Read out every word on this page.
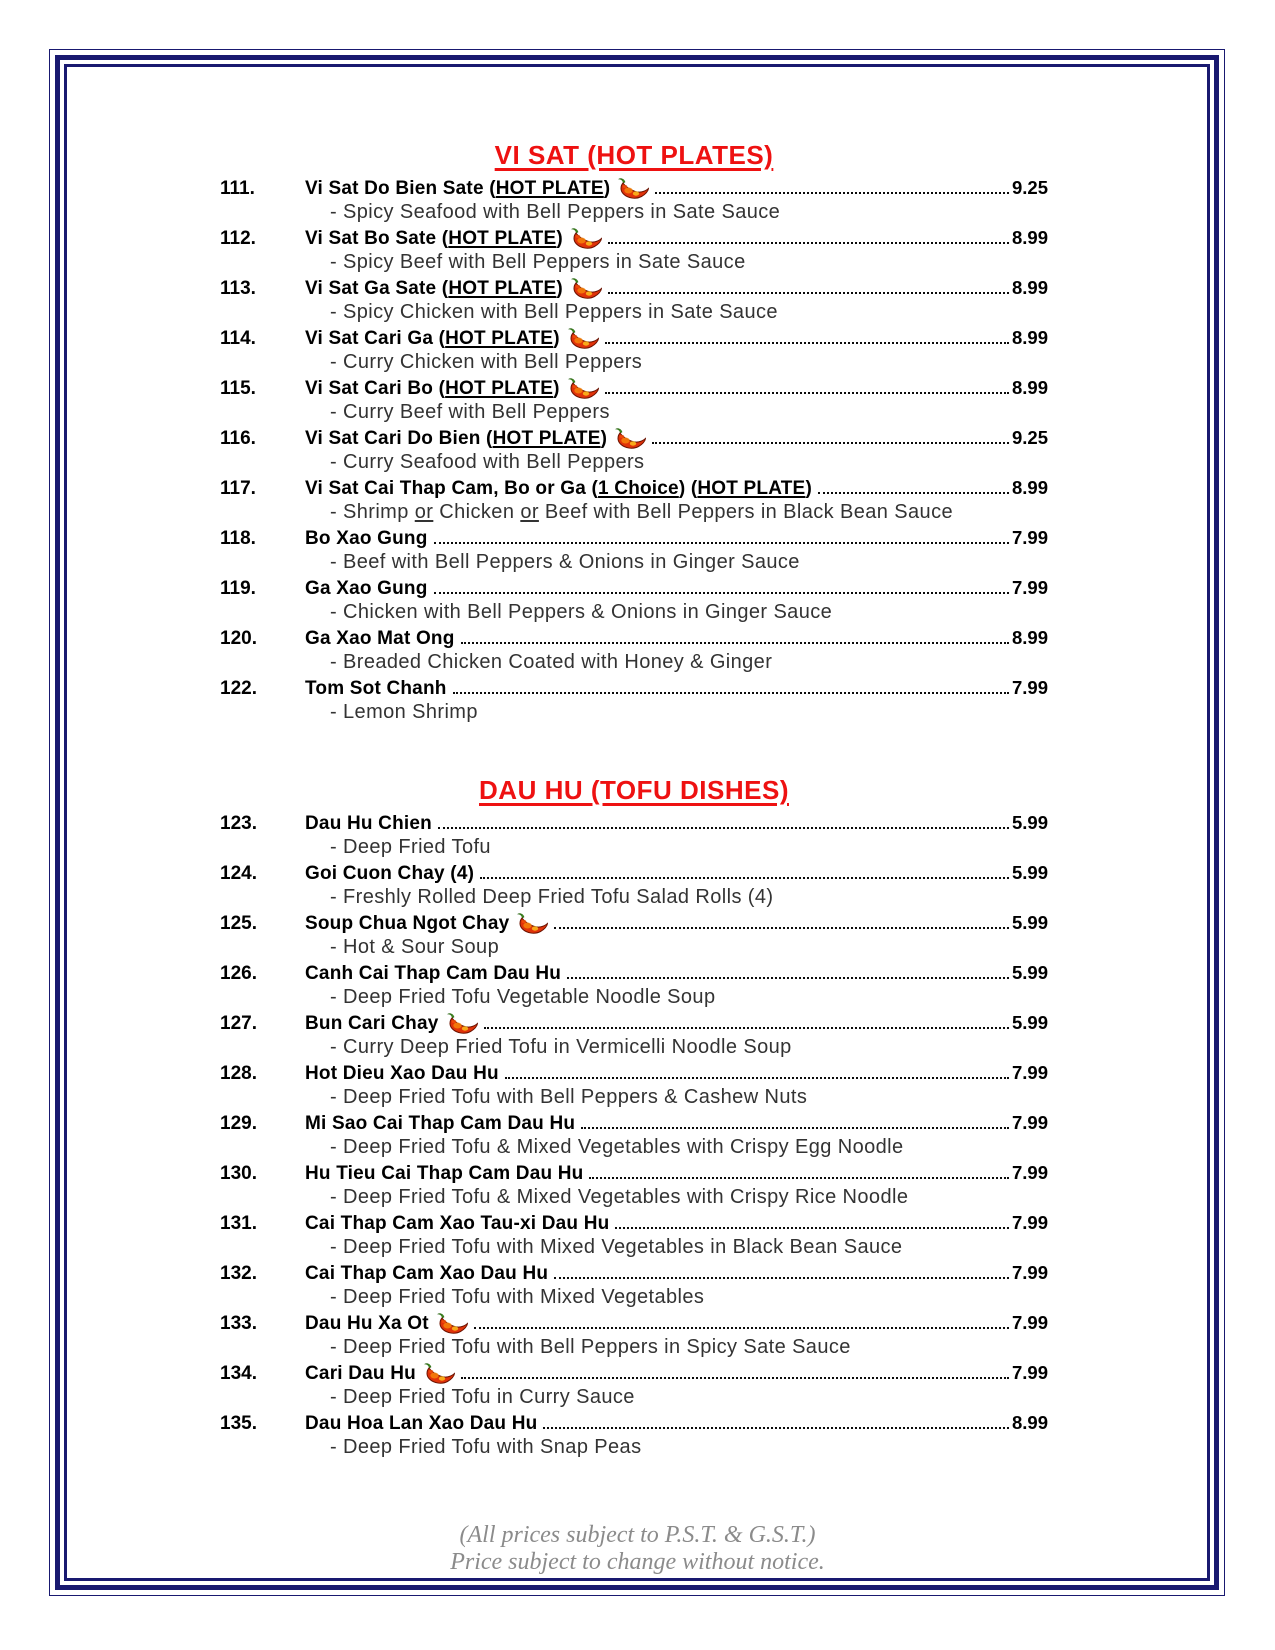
VI SAT (HOT PLATES)
111.	Vi Sat Do Bien Sate (HOT PLATE)	9.25
- Spicy Seafood with Bell Peppers in Sate Sauce
112.	Vi Sat Bo Sate (HOT PLATE)	8.99
- Spicy Beef with Bell Peppers in Sate Sauce
113.	Vi Sat Ga Sate (HOT PLATE)	8.99
- Spicy Chicken with Bell Peppers in Sate Sauce
114.	Vi Sat Cari Ga (HOT PLATE)	8.99
- Curry Chicken with Bell Peppers
115.	Vi Sat Cari Bo (HOT PLATE)	8.99
- Curry Beef with Bell Peppers
116.	Vi Sat Cari Do Bien (HOT PLATE)	9.25
- Curry Seafood with Bell Peppers
117.	Vi Sat Cai Thap Cam, Bo or Ga (1 Choice) (HOT PLATE)	8.99
- Shrimp or Chicken or Beef with Bell Peppers in Black Bean Sauce
118.	Bo Xao Gung	7.99
- Beef with Bell Peppers & Onions in Ginger Sauce
119.	Ga Xao Gung	7.99
- Chicken with Bell Peppers & Onions in Ginger Sauce
120.	Ga Xao Mat Ong	8.99
- Breaded Chicken Coated with Honey & Ginger
122.	Tom Sot Chanh	7.99
- Lemon Shrimp
DAU HU (TOFU DISHES)
123.	Dau Hu Chien	5.99
- Deep Fried Tofu
124.	Goi Cuon Chay (4)	5.99
- Freshly Rolled Deep Fried Tofu Salad Rolls (4)
125.	Soup Chua Ngot Chay	5.99
- Hot & Sour Soup
126.	Canh Cai Thap Cam Dau Hu	5.99
- Deep Fried Tofu Vegetable Noodle Soup
127.	Bun Cari Chay	5.99
- Curry Deep Fried Tofu in Vermicelli Noodle Soup
128.	Hot Dieu Xao Dau Hu	7.99
- Deep Fried Tofu with Bell Peppers & Cashew Nuts
129.	Mi Sao Cai Thap Cam Dau Hu	7.99
- Deep Fried Tofu & Mixed Vegetables with Crispy Egg Noodle
130.	Hu Tieu Cai Thap Cam Dau Hu	7.99
- Deep Fried Tofu & Mixed Vegetables with Crispy Rice Noodle
131.	Cai Thap Cam Xao Tau-xi Dau Hu	7.99
- Deep Fried Tofu with Mixed Vegetables in Black Bean Sauce
132.	Cai Thap Cam Xao Dau Hu	7.99
- Deep Fried Tofu with Mixed Vegetables
133.	Dau Hu Xa Ot	7.99
- Deep Fried Tofu with Bell Peppers in Spicy Sate Sauce
134.	Cari Dau Hu	7.99
- Deep Fried Tofu in Curry Sauce
135.	Dau Hoa Lan Xao Dau Hu	8.99
- Deep Fried Tofu with Snap Peas
(All prices subject to P.S.T. & G.S.T.)
Price subject to change without notice.
